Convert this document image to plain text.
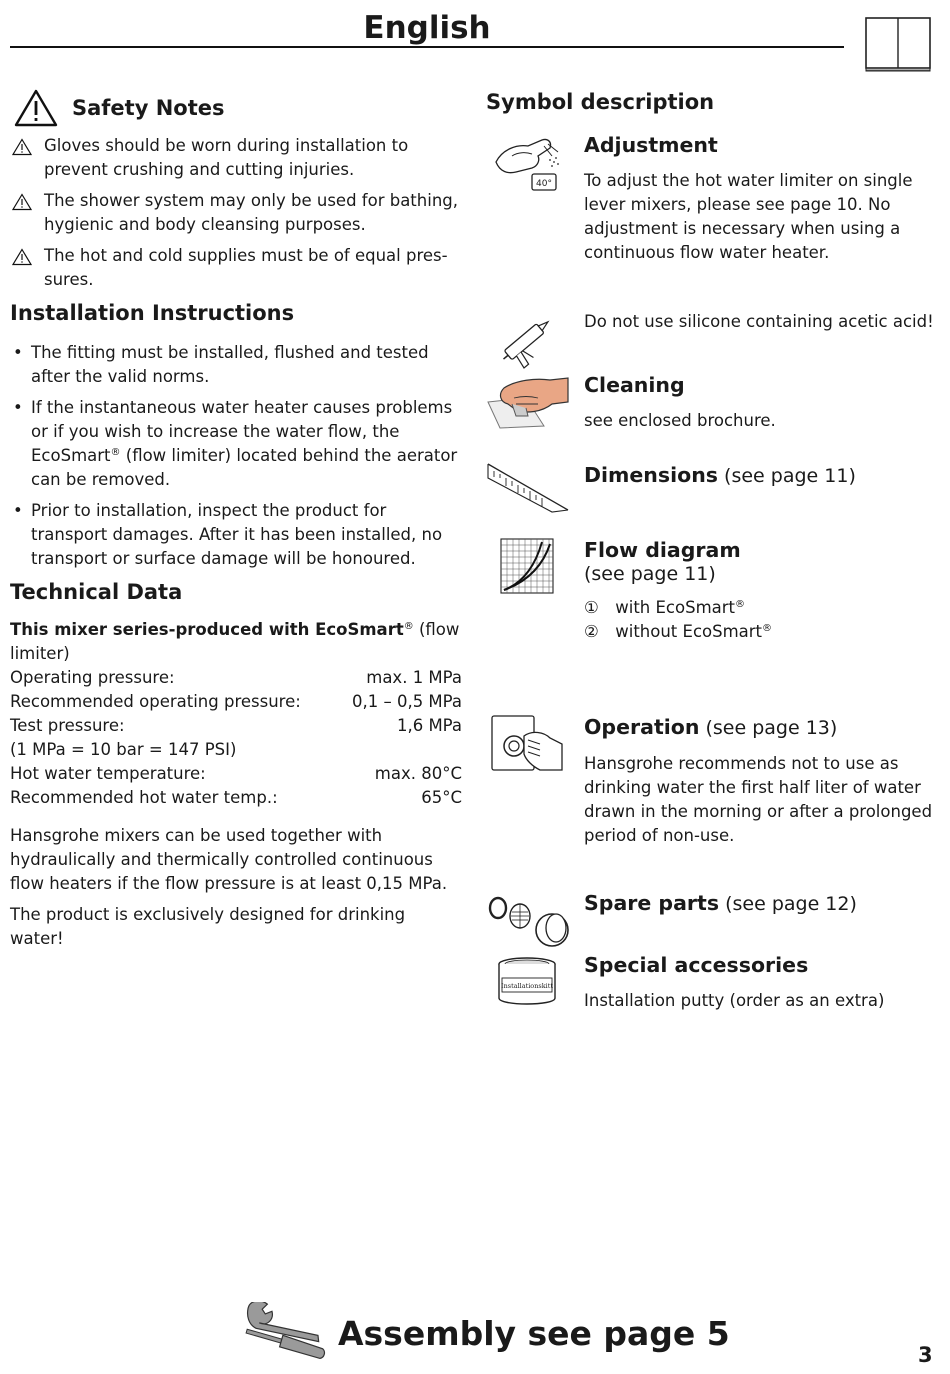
English
Safety Notes
Gloves should be worn during installation to prevent crushing and cutting injuries.
The shower system may only be used for bathing, hygienic and body cleansing purposes.
The hot and cold supplies must be of equal pres- sures.
Installation Instructions
• The fitting must be installed, flushed and tested after the valid norms.
• If the instantaneous water heater causes problems or if you wish to increase the water flow, the EcoSmart® (flow limiter) located behind the aerator can be removed.
• Prior to installation, inspect the product for transport damages. After it has been installed, no transport or surface damage will be honoured.
Technical Data
This mixer series-produced with EcoSmart® (flow limiter)
Operating pressure:	max. 1 MPa
Recommended operating pressure:	0,1 – 0,5 MPa
Test pressure:	1,6 MPa
(1 MPa = 10 bar = 147 PSI)
Hot water temperature:	max. 80°C
Recommended hot water temp.:	65°C

Hansgrohe mixers can be used together with hydraulically and thermically controlled continuous flow heaters if the flow pressure is at least 0,15 MPa.

The product is exclusively designed for drinking water!

Symbol description
40°
Adjustment

To adjust the hot water limiter on single lever mixers, please see page 10. No adjustment is necessary when using a continuous flow water heater.

Do not use silicone containing acetic acid!

Cleaning

see enclosed brochure.

Dimensions (see page 11)
Flow diagram

(see page 11)

① with EcoSmart®
② without EcoSmart®
Operation (see page 13)

Hansgrohe recommends not to use as drinking water the first half liter of water drawn in the morning or after a prolonged period of non-use.

Spare parts (see page 12)
Installationskitt
Special accessories

Installation putty (order as an extra)

Assembly see page 5
3
